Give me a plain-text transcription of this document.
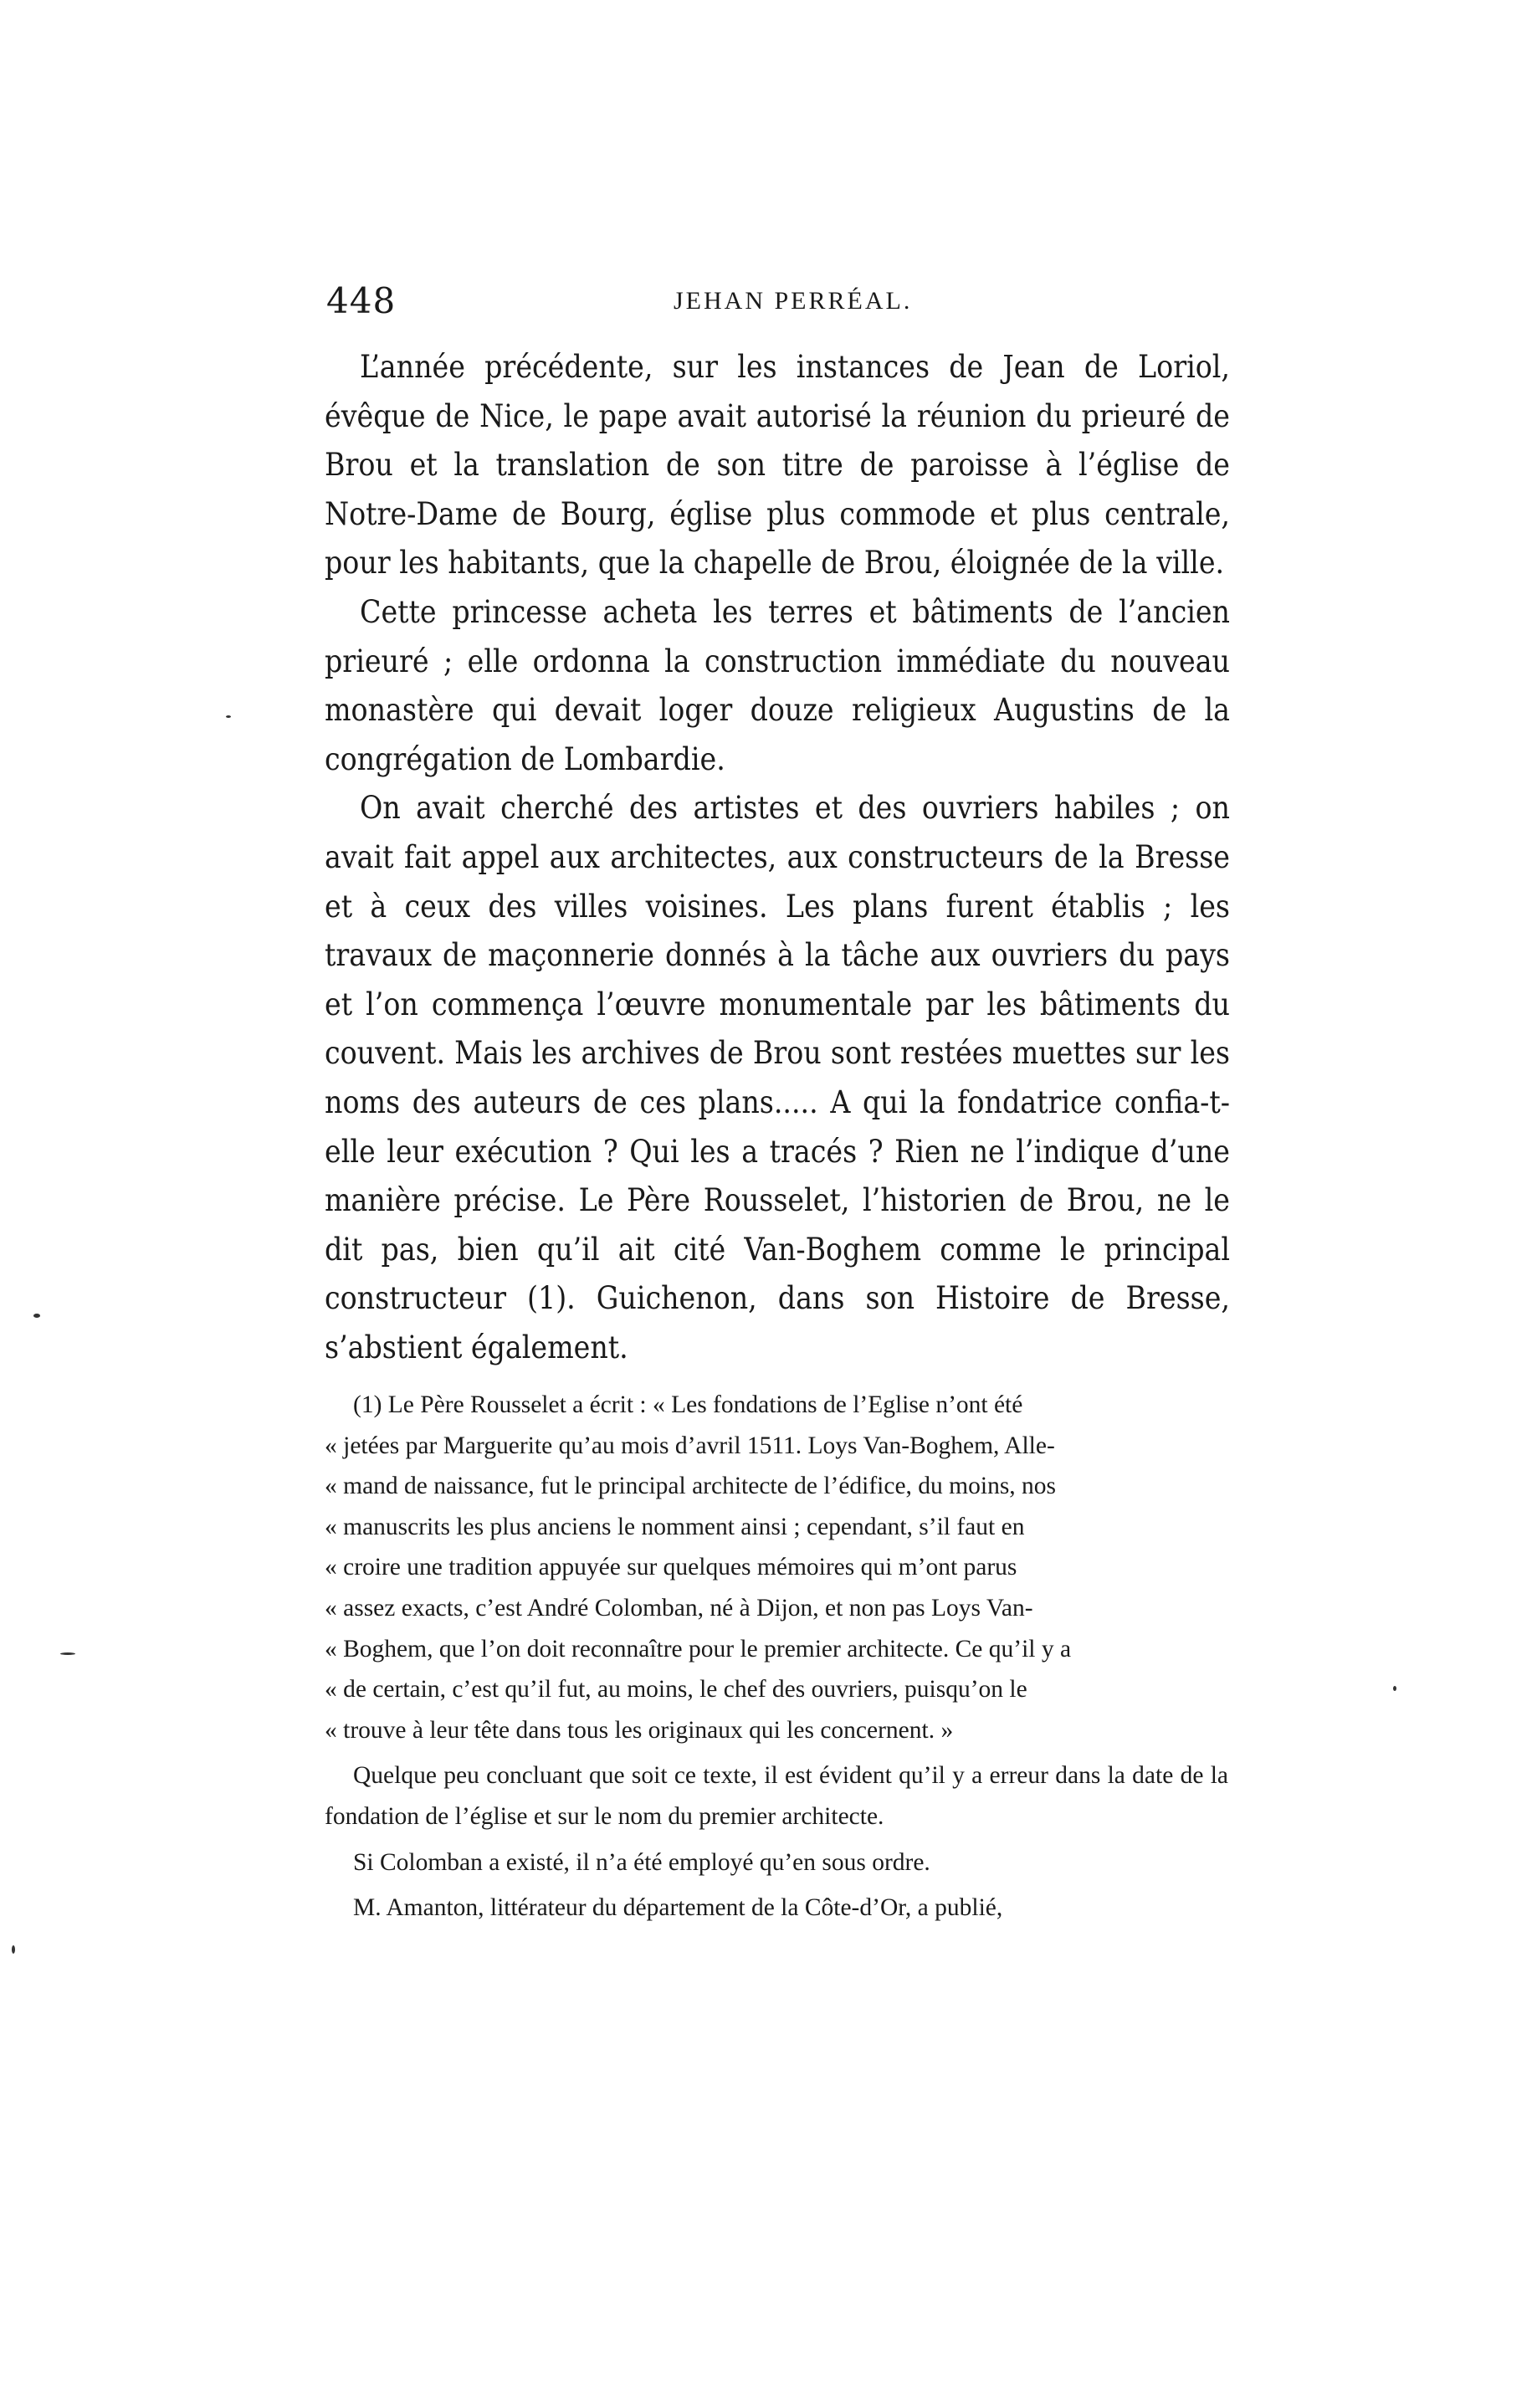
448	JEHAN PERRÉAL.

L’année précédente, sur les instances de Jean de Loriol, évêque de Nice, le pape avait autorisé la réunion du prieuré de Brou et la translation de son titre de paroisse à l’église de Notre-Dame de Bourg, église plus commode et plus centrale, pour les habitants, que la chapelle de Brou, éloignée de la ville.

Cette princesse acheta les terres et bâtiments de l’ancien prieuré ; elle ordonna la construction immédiate du nouveau monastère qui devait loger douze religieux Augustins de la congrégation de Lombardie.

On avait cherché des artistes et des ouvriers habiles ; on avait fait appel aux architectes, aux constructeurs de la Bresse et à ceux des villes voisines. Les plans furent établis ; les travaux de maçonnerie donnés à la tâche aux ouvriers du pays et l’on commença l’œuvre monumentale par les bâtiments du couvent. Mais les archives de Brou sont restées muettes sur les noms des auteurs de ces plans..... A qui la fondatrice confia-t-elle leur exécution ? Qui les a tracés ? Rien ne l’indique d’une manière précise. Le Père Rousselet, l’historien de Brou, ne le dit pas, bien qu’il ait cité Van-Boghem comme le principal constructeur (1). Guichenon, dans son Histoire de Bresse, s’abstient également.

(1) Le Père Rousselet a écrit : « Les fondations de l’Eglise n’ont été
« jetées par Marguerite qu’au mois d’avril 1511. Loys Van-Boghem, Alle-
« mand de naissance, fut le principal architecte de l’édifice, du moins, nos
« manuscrits les plus anciens le nomment ainsi ; cependant, s’il faut en
« croire une tradition appuyée sur quelques mémoires qui m’ont parus
« assez exacts, c’est André Colomban, né à Dijon, et non pas Loys Van-
« Boghem, que l’on doit reconnaître pour le premier architecte. Ce qu’il y a
« de certain, c’est qu’il fut, au moins, le chef des ouvriers, puisqu’on le
« trouve à leur tête dans tous les originaux qui les concernent. »

Quelque peu concluant que soit ce texte, il est évident qu’il y a erreur dans la date de la fondation de l’église et sur le nom du premier architecte.

Si Colomban a existé, il n’a été employé qu’en sous ordre.

M. Amanton, littérateur du département de la Côte-d’Or, a publié,
